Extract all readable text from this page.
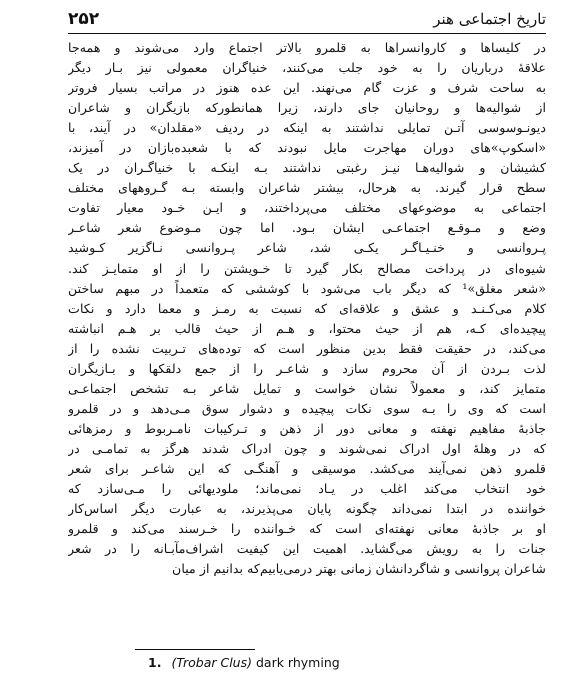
تاریخ اجتماعی هنر
۲۵۲
در کلیساها و کاروانسراها به قلمرو بالاتر اجتماع وارد می‌شوند و همه‌جا
علاقهٔ درباریان را به خود جلب می‌کنند، خنیاگران معمولی نیز بـار دیگر
به ساحت شرف و عزت گام می‌نهند. این عده هنوز در مراتب بسیار فروتر
از شوالیه‌ها و روحانیان جای دارند، زیرا همانطورکه بازیگران و شاعران
دیونـوسوسی آتـن تمایلی نداشتند به اینکه در ردیف «مقلدان» در آیند، با
«اسکوپ»های دوران مهاجرت مایل نبودند که با شعبده‌بازان در آمیزند،
کشیشان و شوالیه‌هـا نیـز رغبتی نداشتند بـه اینکـه با خنیاگـران در یک
سطح قرار گیرند. به هرحال، بیشتر شاعران وابسته بـه گـروههای مختلف
اجتماعی به موضوعهای مختلف می‌پرداختند، و ایـن خـود معیار تفاوت
وضع و مـوقـع اجتماعـی ایشان بـود. اما چون مـوضوع شعر شاعـر
پـروانسی و خنـیـاگـر یکـی شد، شاعر پـروانسی نـاگزیر کـوشید
شیوه‌ای در پرداخت مصالح بکار گیرد تا خـویشتن را از او متمایـز کند.
«شعر مغلق»¹ که دیگر باب می‌شود با کوششی که متعمداً در مبهم ساختن
کلام می‌کـنـد و عشق و علاقه‌ای که نسبت به رمـز و معما دارد و نکات
پیچیده‌ای کـه، هم از حیث محتوا، و هـم از حیث قالب بر هـم انباشته
می‌کند، در حقیقت فقط بدین منظور است که توده‌های تـربیت نشده را از
لذت بـردن از آن محروم سازد و شاعـر را از جمع دلقکها و بـازیگران
متمایز کند، و معمولاً نشان خواست و تمایل شاعر بـه تشخص اجتماعـی
است که وی را بـه سوی نکات پیچیده و دشوار سوق مـی‌دهد و در قلمرو
جاذبهٔ مفاهیم نهفته و معانی دور از ذهن و تـرکیبات نامـربوط و رمزهائی
که در وهلهٔ اول ادراک نمی‌شوند و چون ادراک شدند هرگز به تمامـی در
قلمرو ذهن نمی‌آیند می‌کشد. موسیقی و آهنگـی که این شاعـر برای شعر
خود انتخاب می‌کند اغلب در یـاد نمی‌ماند؛ ملودیهائی را مـی‌سازد که
خواننده در ابتدا نمی‌داند چگونه پایان می‌پذیرند، به عبارت دیگر اساس‌کار
او بر جاذبهٔ معانی نهفته‌ای است که خـواننده را خـرسند می‌کند و قلمرو
جنات را به رویش می‌گشاید. اهمیت این کیفیت اشراف‌مآبـانه را در شعر
شاعران پروانسی و شاگردانشان زمانی بهتر درمی‌یابیم‌که بدانیم از میان
1. (Trobar Clus) dark rhyming
